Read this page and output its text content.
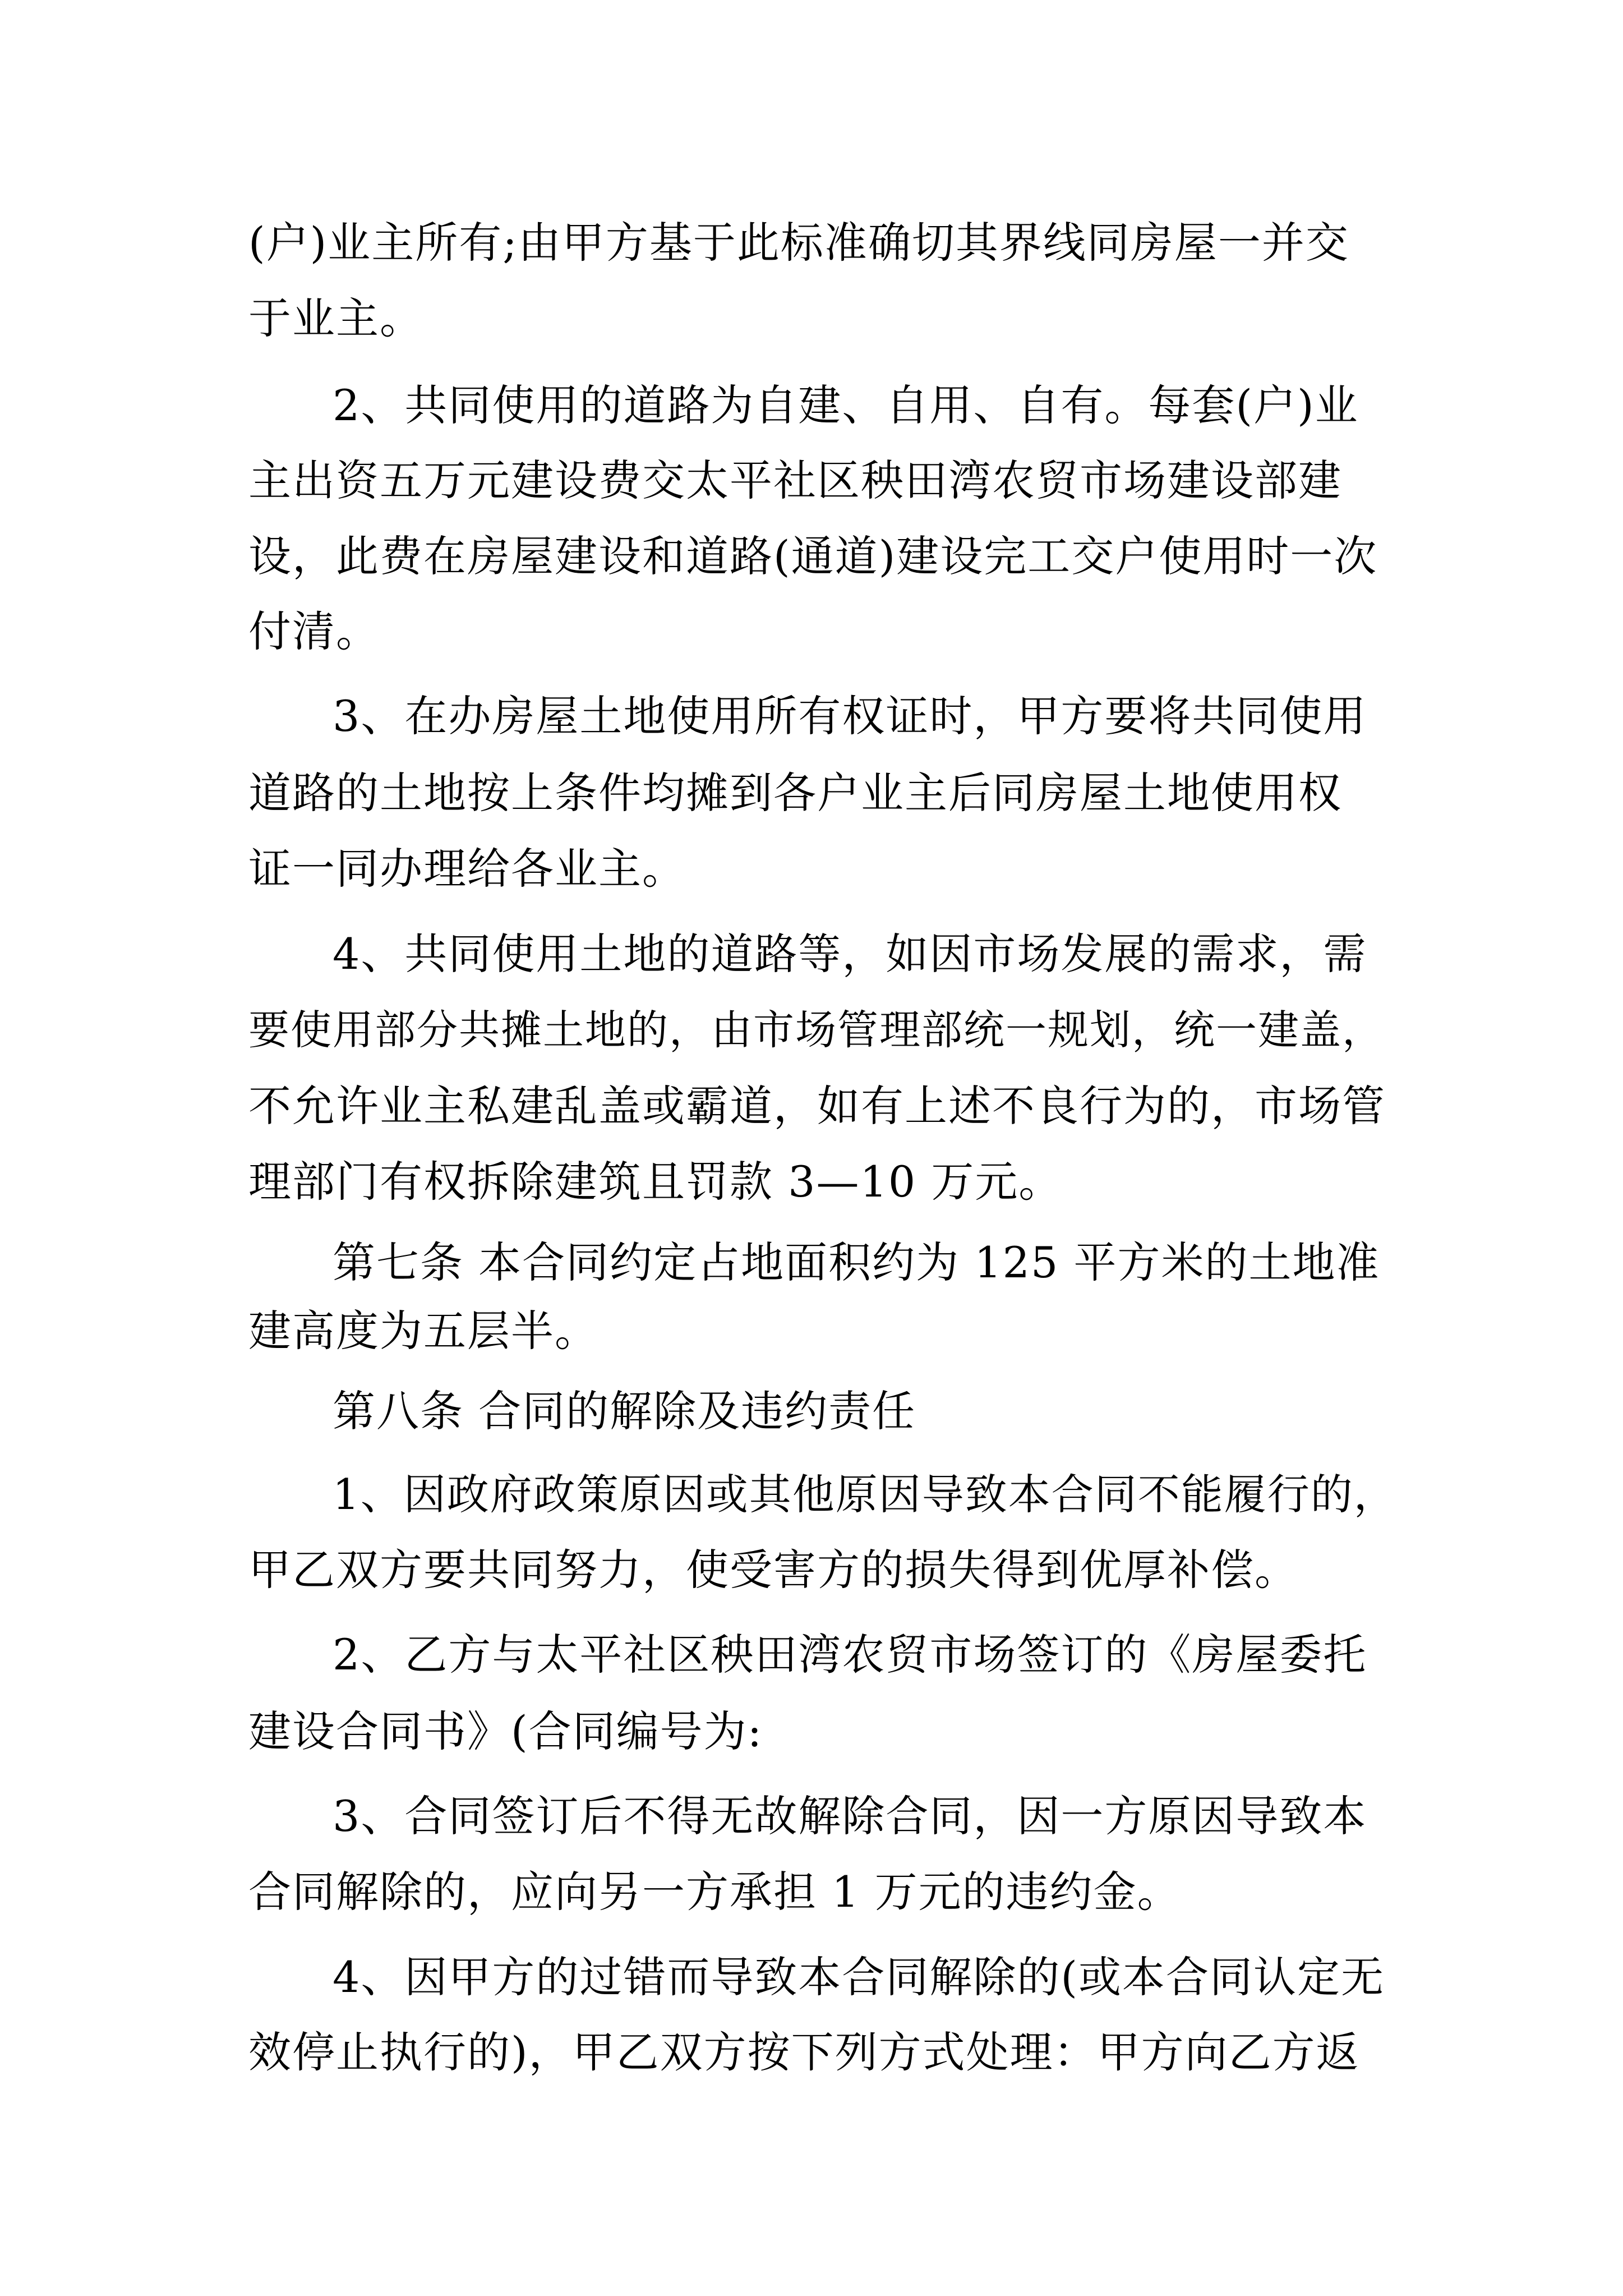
(户)业主所有;由甲方基于此标准确切其界线同房屋一并交
于业主。
2、共同使用的道路为自建、自用、自有。每套(户)业
主出资五万元建设费交太平社区秧田湾农贸市场建设部建
设，此费在房屋建设和道路(通道)建设完工交户使用时一次
付清。
3、在办房屋土地使用所有权证时，甲方要将共同使用
道路的土地按上条件均摊到各户业主后同房屋土地使用权
证一同办理给各业主。
4、共同使用土地的道路等，如因市场发展的需求，需
要使用部分共摊土地的，由市场管理部统一规划，统一建盖，
不允许业主私建乱盖或霸道，如有上述不良行为的，市场管
理部门有权拆除建筑且罚款 3—10 万元。
第七条 本合同约定占地面积约为 125 平方米的土地准
建高度为五层半。
第八条 合同的解除及违约责任
1、因政府政策原因或其他原因导致本合同不能履行的，
甲乙双方要共同努力，使受害方的损失得到优厚补偿。
2、乙方与太平社区秧田湾农贸市场签订的《房屋委托
建设合同书》(合同编号为:
3、合同签订后不得无故解除合同，因一方原因导致本
合同解除的，应向另一方承担 1 万元的违约金。
4、因甲方的过错而导致本合同解除的(或本合同认定无
效停止执行的)，甲乙双方按下列方式处理：甲方向乙方返
